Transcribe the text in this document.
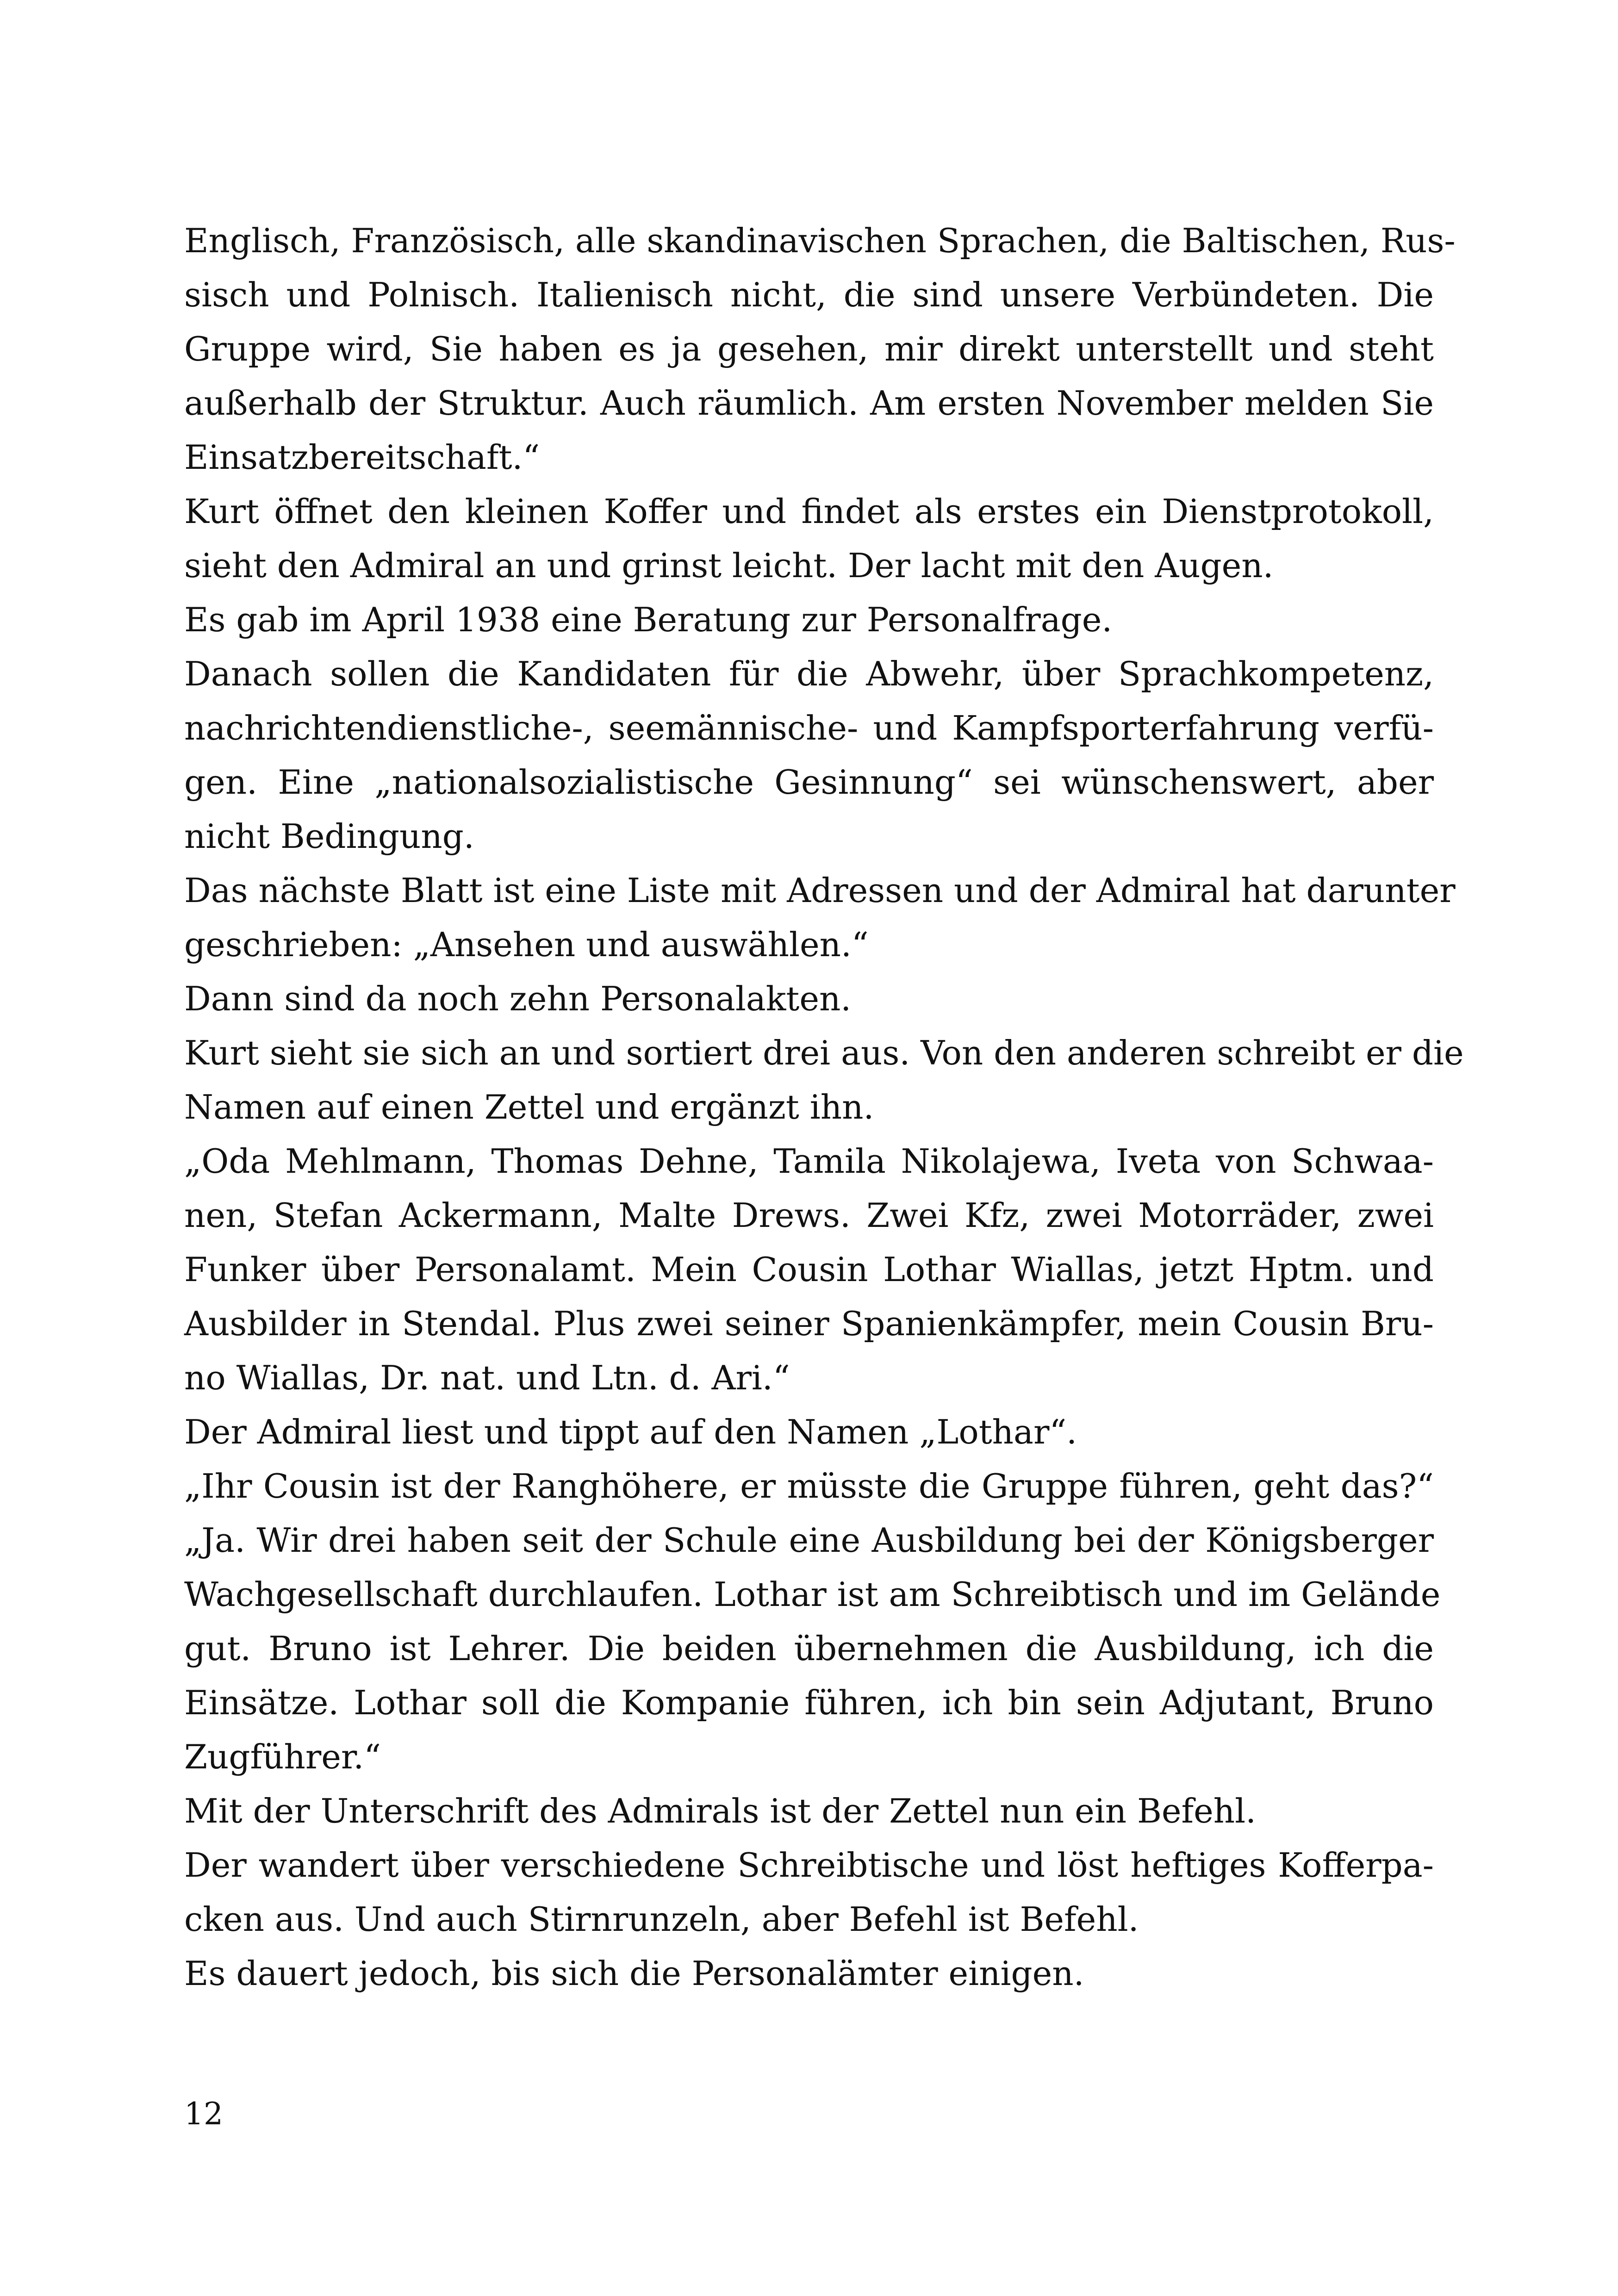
Englisch, Französisch, alle skandinavischen Sprachen, die Baltischen, Rus-
sisch und Polnisch. Italienisch nicht, die sind unsere Verbündeten. Die
Gruppe wird, Sie haben es ja gesehen, mir direkt unterstellt und steht
außerhalb der Struktur. Auch räumlich. Am ersten November melden Sie
Einsatzbereitschaft.“
Kurt öffnet den kleinen Koffer und findet als erstes ein Dienstprotokoll,
sieht den Admiral an und grinst leicht. Der lacht mit den Augen.
Es gab im April 1938 eine Beratung zur Personalfrage.
Danach sollen die Kandidaten für die Abwehr, über Sprachkompetenz,
nachrichtendienstliche-, seemännische- und Kampfsporterfahrung verfü-
gen. Eine „nationalsozialistische Gesinnung“ sei wünschenswert, aber
nicht Bedingung.
Das nächste Blatt ist eine Liste mit Adressen und der Admiral hat darunter
geschrieben: „Ansehen und auswählen.“
Dann sind da noch zehn Personalakten.
Kurt sieht sie sich an und sortiert drei aus. Von den anderen schreibt er die
Namen auf einen Zettel und ergänzt ihn.
„Oda Mehlmann, Thomas Dehne, Tamila Nikolajewa, Iveta von Schwaa-
nen, Stefan Ackermann, Malte Drews. Zwei Kfz, zwei Motorräder, zwei
Funker über Personalamt. Mein Cousin Lothar Wiallas, jetzt Hptm. und
Ausbilder in Stendal. Plus zwei seiner Spanienkämpfer, mein Cousin Bru-
no Wiallas, Dr. nat. und Ltn. d. Ari.“
Der Admiral liest und tippt auf den Namen „Lothar“.
„Ihr Cousin ist der Ranghöhere, er müsste die Gruppe führen, geht das?“
„Ja. Wir drei haben seit der Schule eine Ausbildung bei der Königsberger
Wachgesellschaft durchlaufen. Lothar ist am Schreibtisch und im Gelände
gut. Bruno ist Lehrer. Die beiden übernehmen die Ausbildung, ich die
Einsätze. Lothar soll die Kompanie führen, ich bin sein Adjutant, Bruno
Zugführer.“
Mit der Unterschrift des Admirals ist der Zettel nun ein Befehl.
Der wandert über verschiedene Schreibtische und löst heftiges Kofferpa-
cken aus. Und auch Stirnrunzeln, aber Befehl ist Befehl.
Es dauert jedoch, bis sich die Personalämter einigen.
12
